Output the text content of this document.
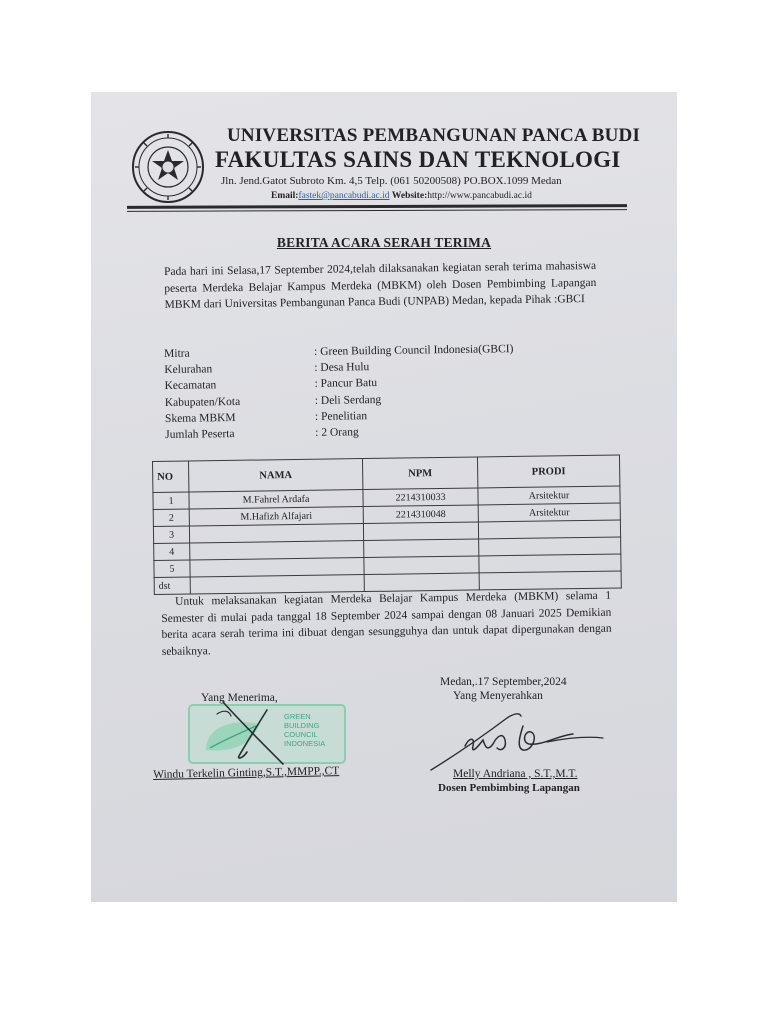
UNIVERSITAS PEMBANGUNAN PANCA BUDI
FAKULTAS SAINS DAN TEKNOLOGI
Jln. Jend.Gatot Subroto Km. 4,5 Telp. (061 50200508) PO.BOX.1099 Medan
Email:fastek@pancabudi.ac.id Website:http://www.pancabudi.ac.id
BERITA ACARA SERAH TERIMA
Pada hari ini Selasa,17 September 2024,telah dilaksanakan kegiatan serah terima mahasiswa peserta Merdeka Belajar Kampus Merdeka (MBKM) oleh Dosen Pembimbing Lapangan MBKM dari Universitas Pembangunan Panca Budi (UNPAB) Medan, kepada Pihak :GBCI
Mitra	: Green Building Council Indonesia(GBCI)
Kelurahan	: Desa Hulu
Kecamatan	: Pancur Batu
Kabupaten/Kota	: Deli Serdang
Skema MBKM	: Penelitian
Jumlah Peserta	: 2 Orang
NO	NAMA	NPM	PRODI
1	M.Fahrel Ardafa	2214310033	Arsitektur
2	M.Hafizh Alfajari	2214310048	Arsitektur
3			
4			
5			
dst			
Untuk melaksanakan kegiatan Merdeka Belajar Kampus Merdeka (MBKM) selama 1 Semester di mulai pada tanggal 18 September 2024 sampai dengan 08 Januari 2025 Demikian berita acara serah terima ini dibuat dengan sesungguhya dan untuk dapat dipergunakan dengan sebaiknya.
Medan,.17 September,2024
Yang Menyerahkan
GREEN
BUILDING
COUNCIL
INDONESIA
Yang Menerima,
Windu Terkelin Ginting,S.T.,MMPP.,CT	Melly Andriana , S.T.,M.T.
Dosen Pembimbing Lapangan
